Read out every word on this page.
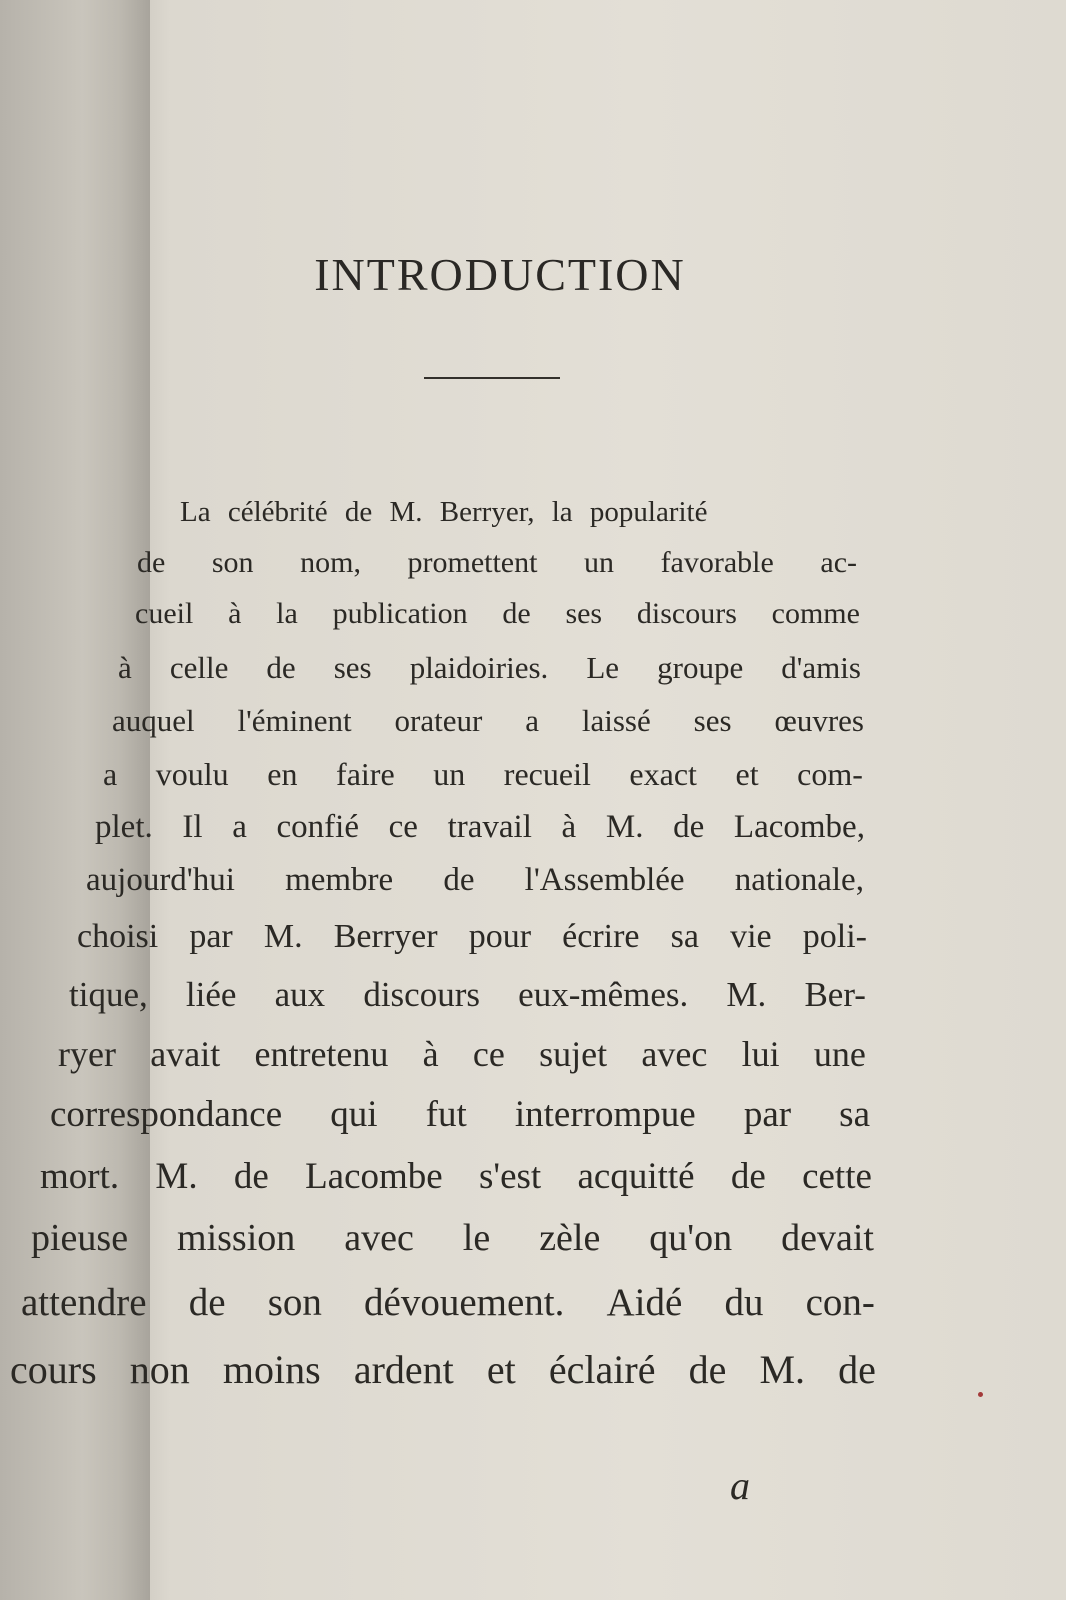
La célébrité de M. Berryer, la popularité
de son nom, promettent un favorable ac-
cueil à la publication de ses discours comme
à celle de ses plaidoiries. Le groupe d'amis
auquel l'éminent orateur a laissé ses œuvres
a voulu en faire un recueil exact et com-
plet. Il a confié ce travail à M. de Lacombe,
aujourd'hui membre de l'Assemblée nationale,
choisi par M. Berryer pour écrire sa vie poli-
tique, liée aux discours eux-mêmes. M. Ber-
ryer avait entretenu à ce sujet avec lui une
correspondance qui fut interrompue par sa
mort. M. de Lacombe s'est acquitté de cette
pieuse mission avec le zèle qu'on devait
attendre de son dévouement. Aidé du con-
cours non moins ardent et éclairé de M. de
INTRODUCTION
a
